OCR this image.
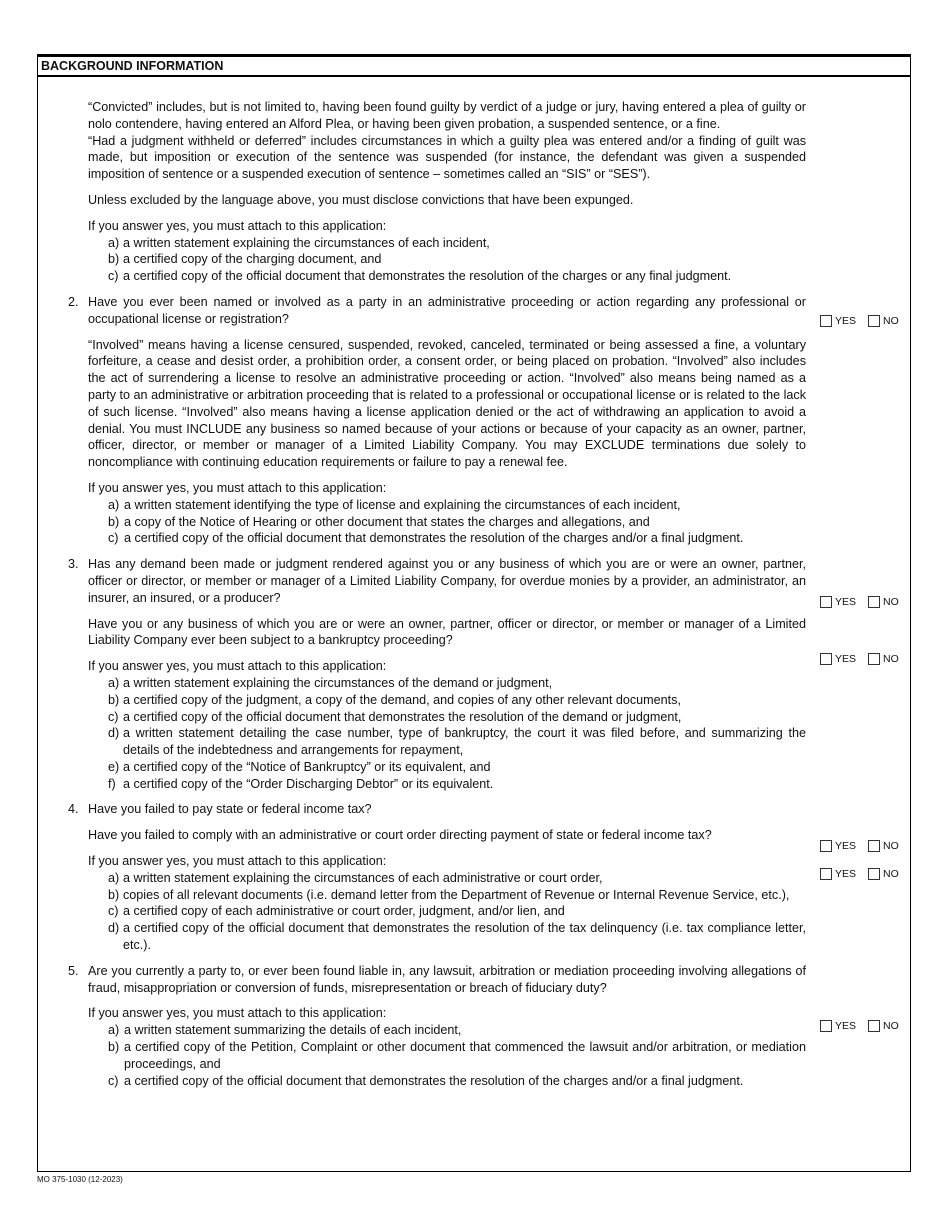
BACKGROUND INFORMATION

“Convicted” includes, but is not limited to, having been found guilty by verdict of a judge or jury, having entered a plea of guilty or nolo contendere, having entered an Alford Plea, or having been given probation, a suspended sentence, or a fine.

“Had a judgment withheld or deferred” includes circumstances in which a guilty plea was entered and/or a finding of guilt was made, but imposition or execution of the sentence was suspended (for instance, the defendant was given a suspended imposition of sentence or a suspended execution of sentence – sometimes called an “SIS” or “SES”).

Unless excluded by the language above, you must disclose convictions that have been expunged.

If you answer yes, you must attach to this application:

a) a written statement explaining the circumstances of each incident,
b) a certified copy of the charging document, and
c) a certified copy of the official document that demonstrates the resolution of the charges or any final judgment.
2. Have you ever been named or involved as a party in an administrative proceeding or action regarding any professional or occupational license or registration?

“Involved” means having a license censured, suspended, revoked, canceled, terminated or being assessed a fine, a voluntary forfeiture, a cease and desist order, a prohibition order, a consent order, or being placed on probation. “Involved” also includes the act of surrendering a license to resolve an administrative proceeding or action. “Involved” also means being named as a party to an administrative or arbitration proceeding that is related to a professional or occupational license or is related to the lack of such license. “Involved” also means having a license application denied or the act of withdrawing an application to avoid a denial. You must INCLUDE any business so named because of your actions or because of your capacity as an owner, partner, officer, director, or member or manager of a Limited Liability Company. You may EXCLUDE terminations due solely to noncompliance with continuing education requirements or failure to pay a renewal fee.

If you answer yes, you must attach to this application:

a) a written statement identifying the type of license and explaining the circumstances of each incident,
b) a copy of the Notice of Hearing or other document that states the charges and allegations, and
c) a certified copy of the official document that demonstrates the resolution of the charges and/or a final judgment.
3. Has any demand been made or judgment rendered against you or any business of which you are or were an owner, partner, officer or director, or member or manager of a Limited Liability Company, for overdue monies by a provider, an administrator, an insurer, an insured, or a producer?

Have you or any business of which you are or were an owner, partner, officer or director, or member or manager of a Limited Liability Company ever been subject to a bankruptcy proceeding?

If you answer yes, you must attach to this application:

a) a written statement explaining the circumstances of the demand or judgment,
b) a certified copy of the judgment, a copy of the demand, and copies of any other relevant documents,
c) a certified copy of the official document that demonstrates the resolution of the demand or judgment,
d) a written statement detailing the case number, type of bankruptcy, the court it was filed before, and summarizing the details of the indebtedness and arrangements for repayment,
e) a certified copy of the “Notice of Bankruptcy” or its equivalent, and
f) a certified copy of the “Order Discharging Debtor” or its equivalent.
4. Have you failed to pay state or federal income tax?

Have you failed to comply with an administrative or court order directing payment of state or federal income tax?

If you answer yes, you must attach to this application:

a) a written statement explaining the circumstances of each administrative or court order,
b) copies of all relevant documents (i.e. demand letter from the Department of Revenue or Internal Revenue Service, etc.),
c) a certified copy of each administrative or court order, judgment, and/or lien, and
d) a certified copy of the official document that demonstrates the resolution of the tax delinquency (i.e. tax compliance letter, etc.).
5. Are you currently a party to, or ever been found liable in, any lawsuit, arbitration or mediation proceeding involving allegations of fraud, misappropriation or conversion of funds, misrepresentation or breach of fiduciary duty?

If you answer yes, you must attach to this application:

a) a written statement summarizing the details of each incident,
b) a certified copy of the Petition, Complaint or other document that commenced the lawsuit and/or arbitration, or mediation proceedings, and
c) a certified copy of the official document that demonstrates the resolution of the charges and/or a final judgment.
YES	NO
YES	NO
YES	NO
YES	NO
YES	NO
YES	NO
MO 375-1030 (12-2023)
